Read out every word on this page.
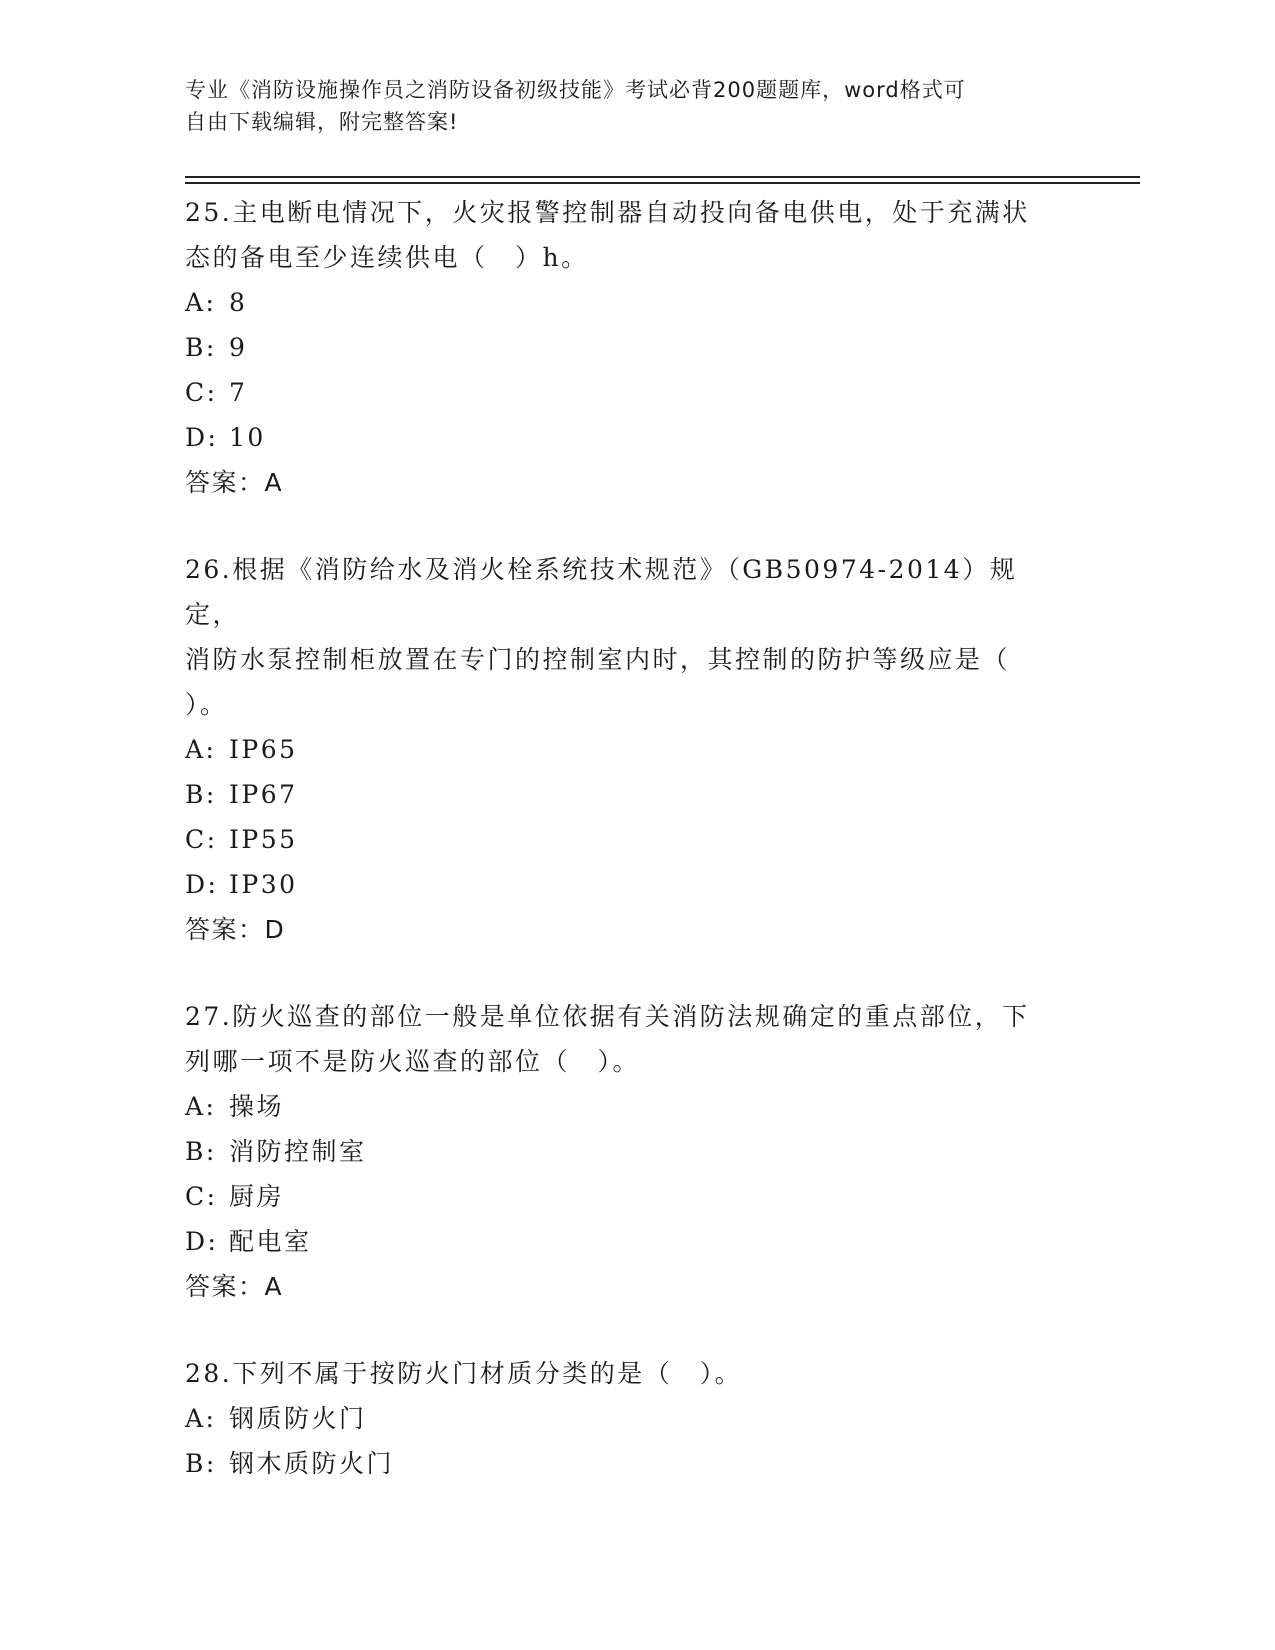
专业《消防设施操作员之消防设备初级技能》考试必背200题题库，word格式可
自由下载编辑，附完整答案!
25.主电断电情况下，火灾报警控制器自动投向备电供电，处于充满状
态的备电至少连续供电（　）h。
A: 8
B: 9
C: 7
D: 10
答案：A
26.根据《消防给水及消火栓系统技术规范》（GB50974-2014）规定，
消防水泵控制柜放置在专门的控制室内时，其控制的防护等级应是（
）。
A: IP65
B: IP67
C: IP55
D: IP30
答案：D
27.防火巡查的部位一般是单位依据有关消防法规确定的重点部位，下
列哪一项不是防火巡查的部位（　）。
A: 操场
B: 消防控制室
C: 厨房
D: 配电室
答案：A
28.下列不属于按防火门材质分类的是（　）。
A: 钢质防火门
B: 钢木质防火门
